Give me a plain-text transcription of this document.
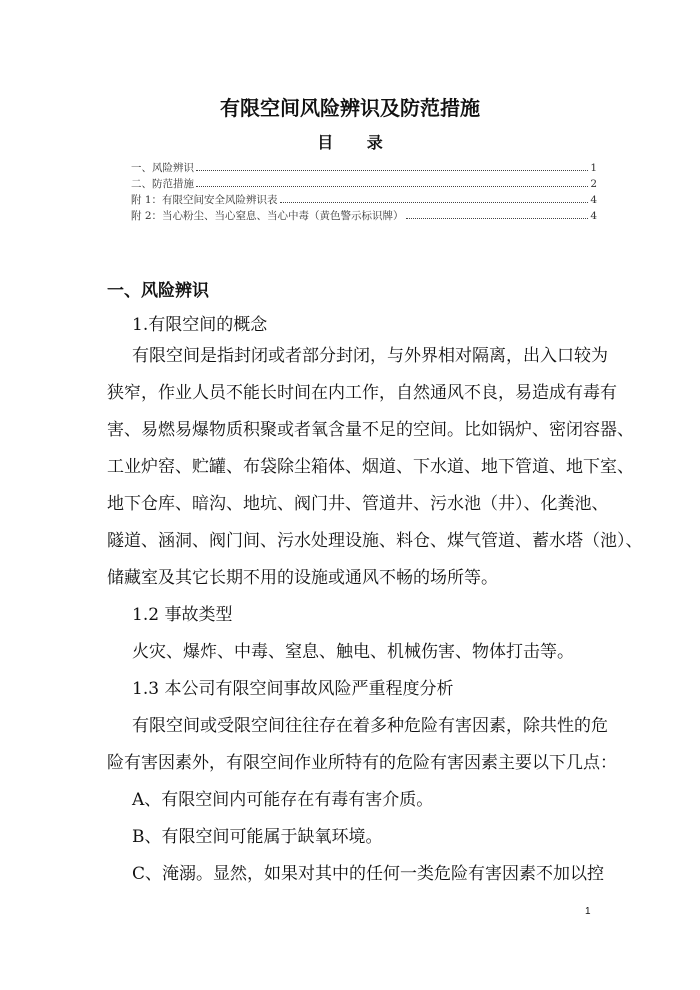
有限空间风险辨识及防范措施
目 录
一、风险辨识	1
二、防范措施	2
附 1：有限空间安全风险辨识表	4
附 2：当心粉尘、当心窒息、当心中毒（黄色警示标识牌）	4
一、风险辨识
1.有限空间的概念
有限空间是指封闭或者部分封闭，与外界相对隔离，出入口较为
狭窄，作业人员不能长时间在内工作，自然通风不良，易造成有毒有
害、易燃易爆物质积聚或者氧含量不足的空间。比如锅炉、密闭容器、
工业炉窑、贮罐、布袋除尘箱体、烟道、下水道、地下管道、地下室、
地下仓库、暗沟、地坑、阀门井、管道井、污水池（井）、化粪池、
隧道、涵洞、阀门间、污水处理设施、料仓、煤气管道、蓄水塔（池）、
储藏室及其它长期不用的设施或通风不畅的场所等。
1.2 事故类型
火灾、爆炸、中毒、窒息、触电、机械伤害、物体打击等。
1.3 本公司有限空间事故风险严重程度分析
有限空间或受限空间往往存在着多种危险有害因素，除共性的危
险有害因素外，有限空间作业所特有的危险有害因素主要以下几点：
A、有限空间内可能存在有毒有害介质。
B、有限空间可能属于缺氧环境。
C、淹溺。显然，如果对其中的任何一类危险有害因素不加以控
1
